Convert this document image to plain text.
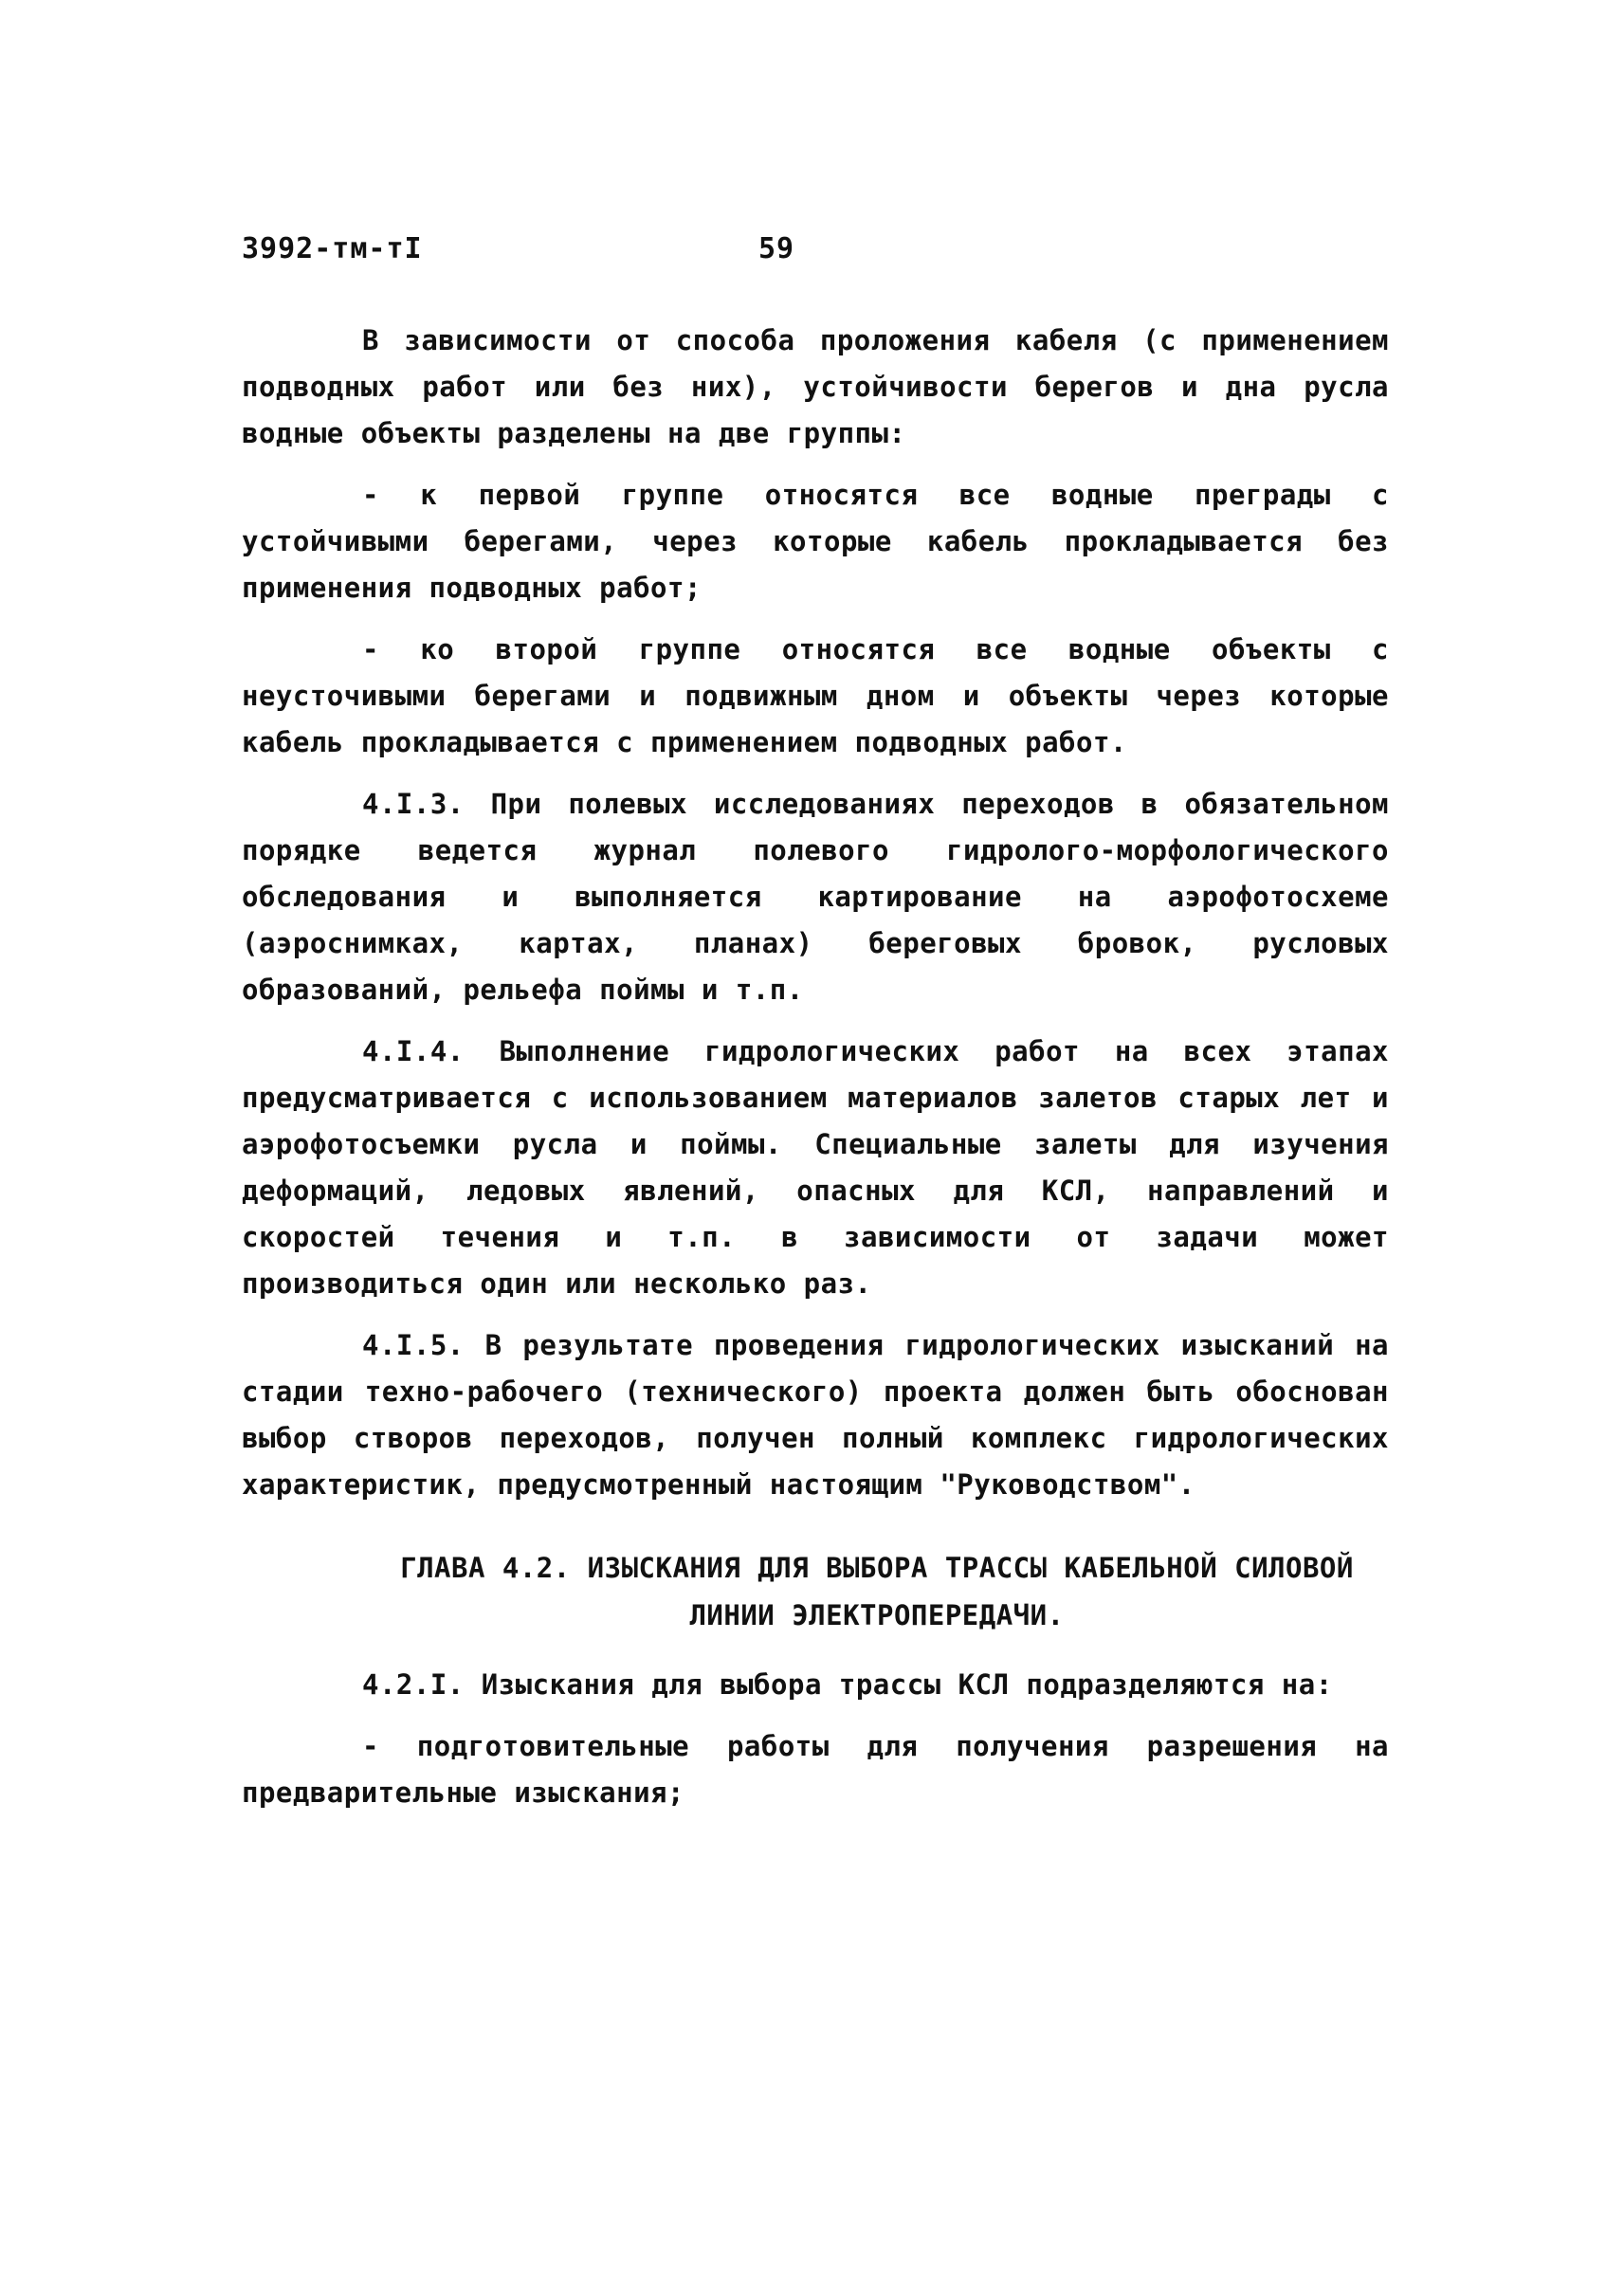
3992-тм-тI	59

В зависимости от способа проложения кабеля (с применением подводных работ или без них), устойчивости берегов и дна русла водные объекты разделены на две группы:

- к первой группе относятся все водные преграды с устойчивыми берегами, через которые кабель прокладывается без применения подводных работ;

- ко второй группе относятся все водные объекты с неусточивыми берегами и подвижным дном и объекты через которые кабель прокладывается с применением подводных работ.

4.I.3. При полевых исследованиях переходов в обязательном порядке ведется журнал полевого гидролого-морфологического обследования и выполняется картирование на аэрофотосхеме (аэроснимках, картах, планах) береговых бровок, русловых образований, рельефа поймы и т.п.

4.I.4. Выполнение гидрологических работ на всех этапах предусматривается с использованием материалов залетов старых лет и аэрофотосъемки русла и поймы. Специальные залеты для изучения деформаций, ледовых явлений, опасных для КСЛ, направлений и скоростей течения и т.п. в зависимости от задачи может производиться один или несколько раз.

4.I.5. В результате проведения гидрологических изысканий на стадии техно-рабочего (технического) проекта должен быть обоснован выбор створов переходов, получен полный комплекс гидрологических характеристик, предусмотренный настоящим "Руководством".

ГЛАВА 4.2. ИЗЫСКАНИЯ ДЛЯ ВЫБОРА ТРАССЫ КАБЕЛЬНОЙ СИЛОВОЙ
ЛИНИИ ЭЛЕКТРОПЕРЕДАЧИ.

4.2.I. Изыскания для выбора трассы КСЛ подразделяются на:

- подготовительные работы для получения разрешения на предварительные изыскания;
